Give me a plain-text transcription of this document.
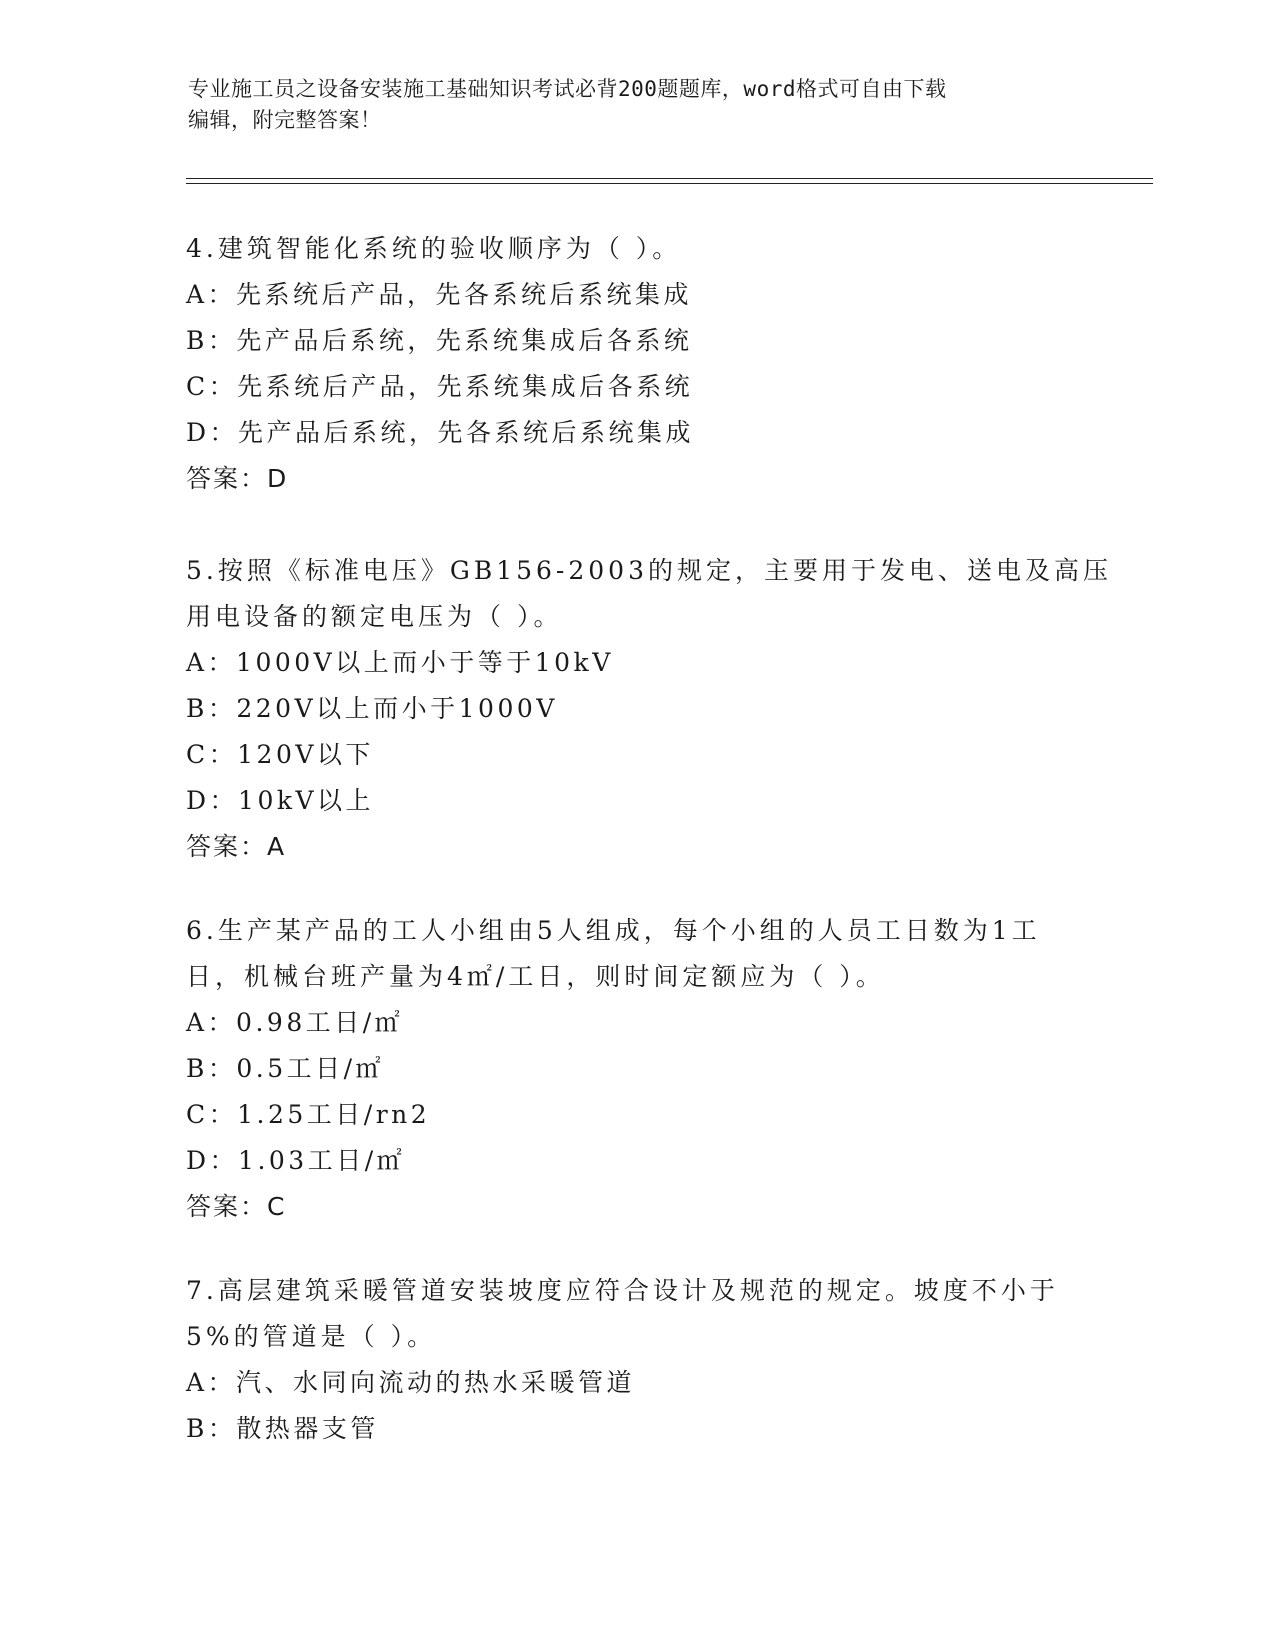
专业施工员之设备安装施工基础知识考试必背200题题库，word格式可自由下载
编辑，附完整答案！
4.建筑智能化系统的验收顺序为（ ）。
A：先系统后产品，先各系统后系统集成
B：先产品后系统，先系统集成后各系统
C：先系统后产品，先系统集成后各系统
D：先产品后系统，先各系统后系统集成
答案：D
5.按照《标准电压》GB156-2003的规定，主要用于发电、送电及高压
用电设备的额定电压为（ ）。
A：1000V以上而小于等于10kV
B：220V以上而小于1000V
C：120V以下
D：10kV以上
答案：A
6.生产某产品的工人小组由5人组成，每个小组的人员工日数为1工
日，机械台班产量为4㎡/工日，则时间定额应为（ ）。
A：0.98工日/㎡
B：0.5工日/㎡
C：1.25工日/rn2
D：1.03工日/㎡
答案：C
7.高层建筑采暖管道安装坡度应符合设计及规范的规定。坡度不小于
5%的管道是（ ）。
A：汽、水同向流动的热水采暖管道
B：散热器支管
